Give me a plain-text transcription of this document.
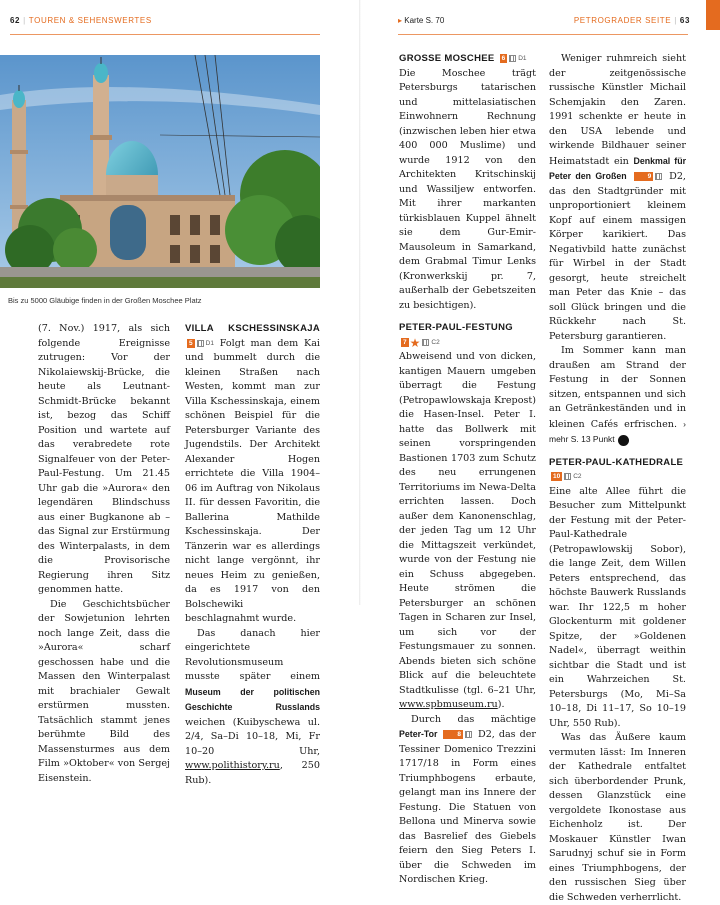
62 | TOUREN & SEHENSWERTES	▸ Karte S. 70	PETROGRADER SEITE | 63
Bis zu 5000 Gläubige finden in der Großen Moschee Platz

(7. Nov.) 1917, als sich folgende Ereignisse zutrugen: Vor der Nikolaiewskij-Brücke, die heute als Leutnant-Schmidt-Brücke bekannt ist, bezog das Schiff Position und wartete auf das verabredete rote Signalfeuer von der Peter-Paul-Festung. Um 21.45 Uhr gab die »Aurora« den legendären Blindschuss aus einer Bugkanone ab – das Signal zur Erstürmung des Winterpalasts, in dem die Provisorische Regierung ihren Sitz genommen hatte.

Die Geschichtsbücher der Sowjetunion lehrten noch lange Zeit, dass die »Aurora« scharf geschossen habe und die Massen den Winterpalast mit brachialer Gewalt erstürmen mussten. Tatsächlich stammt jenes berühmte Bild des Massensturmes aus dem Film »Oktober« von Sergej Eisenstein.

VILLA KSCHESSINSKAJA 5 D1 Folgt man dem Kai und bummelt durch die kleinen Straßen nach Westen, kommt man zur Villa Kschessinskaja, einem schönen Beispiel für die Petersburger Variante des Jugendstils. Der Architekt Alexander Hogen errichtete die Villa 1904–06 im Auftrag von Nikolaus II. für dessen Favoritin, die Ballerina Mathilde Kschessinskaja. Der Tänzerin war es allerdings nicht lange vergönnt, ihr neues Heim zu genießen, da es 1917 von den Bolschewiki beschlagnahmt wurde.

Das danach hier eingerichtete Revolutionsmuseum musste später einem Museum der politischen Geschichte Russlands weichen (Kuibyschewa ul. 2/4, Sa–Di 10–18, Mi, Fr 10–20 Uhr, www.polithistory.ru, 250 Rub).

GROSSE MOSCHEE 6 D1
Die Moschee trägt Petersburgs tatarischen und mittelasiatischen Einwohnern Rechnung (inzwischen leben hier etwa 400 000 Muslime) und wurde 1912 von den Architekten Kritschinskij und Wassiljew entworfen. Mit ihrer markanten türkisblauen Kuppel ähnelt sie dem Gur-Emir-Mausoleum in Samarkand, dem Grabmal Timur Lenks (Kronwerkskij pr. 7, außerhalb der Gebetszeiten zu besichtigen).

PETER-PAUL-FESTUNG
7 ★ C2
Abweisend und von dicken, kantigen Mauern umgeben überragt die Festung (Petropawlowskaja Krepost) die Hasen-Insel. Peter I. hatte das Bollwerk mit seinen vorspringenden Bastionen 1703 zum Schutz des neu errungenen Territoriums im Newa-Delta errichten lassen. Doch außer dem Kanonenschlag, der jeden Tag um 12 Uhr die Mittagszeit verkündet, wurde von der Festung nie ein Schuss abgegeben. Heute strömen die Petersburger an schönen Tagen in Scharen zur Insel, um sich vor der Festungsmauer zu sonnen. Abends bieten sich schöne Blick auf die beleuchtete Stadtkulisse (tgl. 6–21 Uhr, www.spbmuseum.ru).

Durch das mächtige Peter-Tor	8 D2, das der Tessiner Domenico Trezzini 1717/18 in Form eines Triumphbogens erbaute, gelangt man ins Innere der Festung. Die Statuen von Bellona und Minerva sowie das Basrelief des Giebels feiern den Sieg Peters I. über die Schweden im Nordischen Krieg.

Weniger ruhmreich sieht der zeitgenössische russische Künstler Michail Schemjakin den Zaren. 1991 schenkte er heute in den USA lebende und wirkende Bildhauer seiner Heimatstadt ein Denkmal für Peter den Großen	9 D2, das den Stadtgründer mit unproportioniert kleinem Kopf auf einem massigen Körper karikiert. Das Negativbild hatte zunächst für Wirbel in der Stadt gesorgt, heute streichelt man Peter das Knie – das soll Glück bringen und die Rückkehr nach St. Petersburg garantieren.

Im Sommer kann man draußen am Strand der Festung in der Sonnen sitzen, entspannen und sich an Getränkeständen und in kleinen Cafés erfrischen. › mehr S. 13 Punkt 10

PETER-PAUL-KATHEDRALE 10 C2
Eine alte Allee führt die Besucher zum Mittelpunkt der Festung mit der Peter-Paul-Kathedrale (Petropawlowskij Sobor), die lange Zeit, dem Willen Peters entsprechend, das höchste Bauwerk Russlands war. Ihr 122,5 m hoher Glockenturm mit goldener Spitze, der »Goldenen Nadel«, überragt weithin sichtbar die Stadt und ist ein Wahrzeichen St. Petersburgs (Mo, Mi–Sa 10–18, Di 11–17, So 10–19 Uhr, 550 Rub).

Was das Äußere kaum vermuten lässt: Im Inneren der Kathedrale entfaltet sich überbordender Prunk, dessen Glanzstück eine vergoldete Ikonostase aus Eichenholz ist. Der Moskauer Künstler Iwan Sarudnyj schuf sie in Form eines Triumphbogens, der den russischen Sieg über die Schweden verherrlicht.
